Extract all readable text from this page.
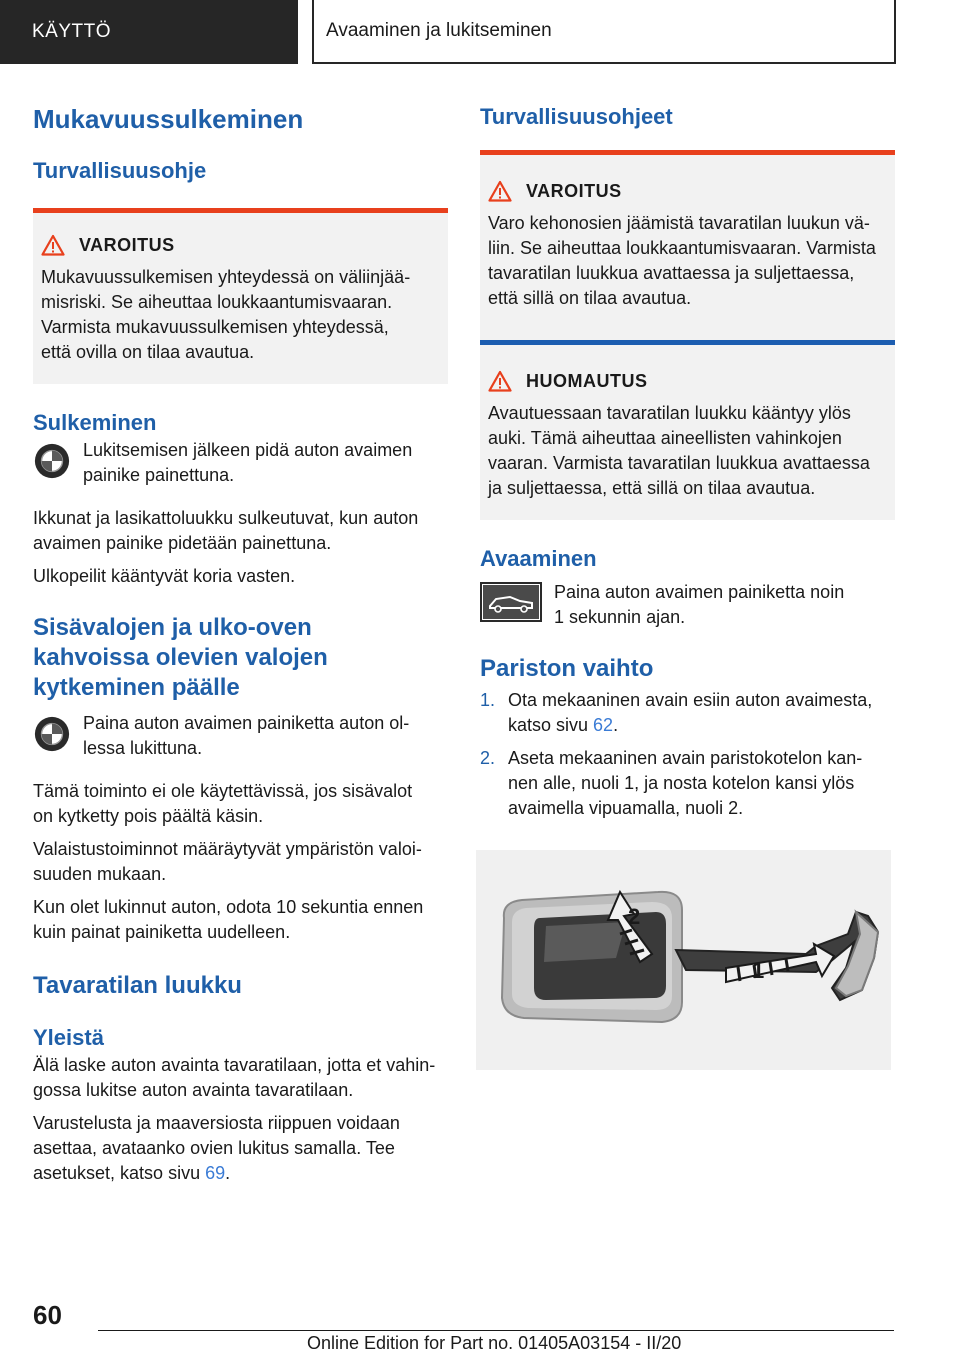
KÄYTTÖ	Avaaminen ja lukitseminen
Mukavuussulkeminen
Turvallisuusohje
VAROITUS
Mukavuussulkemisen yhteydessä on väliinjää-
misriski. Se aiheuttaa loukkaantumisvaaran.
Varmista mukavuussulkemisen yhteydessä,
että ovilla on tilaa avautua.
Sulkeminen
Lukitsemisen jälkeen pidä auton avaimen
painike painettuna.

Ikkunat ja lasikattoluukku sulkeutuvat, kun auton
avaimen painike pidetään painettuna.

Ulkopeilit kääntyvät koria vasten.

Sisävalojen ja ulko-oven
kahvoissa olevien valojen
kytkeminen päälle
Paina auton avaimen painiketta auton ol-
lessa lukittuna.

Tämä toiminto ei ole käytettävissä, jos sisävalot
on kytketty pois päältä käsin.

Valaistustoiminnot määräytyvät ympäristön valoi-
suuden mukaan.

Kun olet lukinnut auton, odota 10 sekuntia ennen
kuin painat painiketta uudelleen.

Tavaratilan luukku
Yleistä

Älä laske auton avainta tavaratilaan, jotta et vahin-
gossa lukitse auton avainta tavaratilaan.

Varustelusta ja maaversiosta riippuen voidaan
asettaa, avataanko ovien lukitus samalla. Tee
asetukset, katso sivu 69.

Turvallisuusohjeet
VAROITUS
Varo kehonosien jäämistä tavaratilan luukun vä-
liin. Se aiheuttaa loukkaantumisvaaran. Varmista
tavaratilan luukkua avattaessa ja suljettaessa,
että sillä on tilaa avautua.
HUOMAUTUS
Avautuessaan tavaratilan luukku kääntyy ylös
auki. Tämä aiheuttaa aineellisten vahinkojen
vaaran. Varmista tavaratilan luukkua avattaessa
ja suljettaessa, että sillä on tilaa avautua.
Avaaminen
Paina auton avaimen painiketta noin
1 sekunnin ajan.
Pariston vaihto
1. Ota mekaaninen avain esiin auton avaimesta,
katso sivu 62.
2. Aseta mekaaninen avain paristokotelon kan-
nen alle, nuoli 1, ja nosta kotelon kansi ylös
avaimella vipuamalla, nuoli 2.
2
1
60
Online Edition for Part no. 01405A03154 - II/20
